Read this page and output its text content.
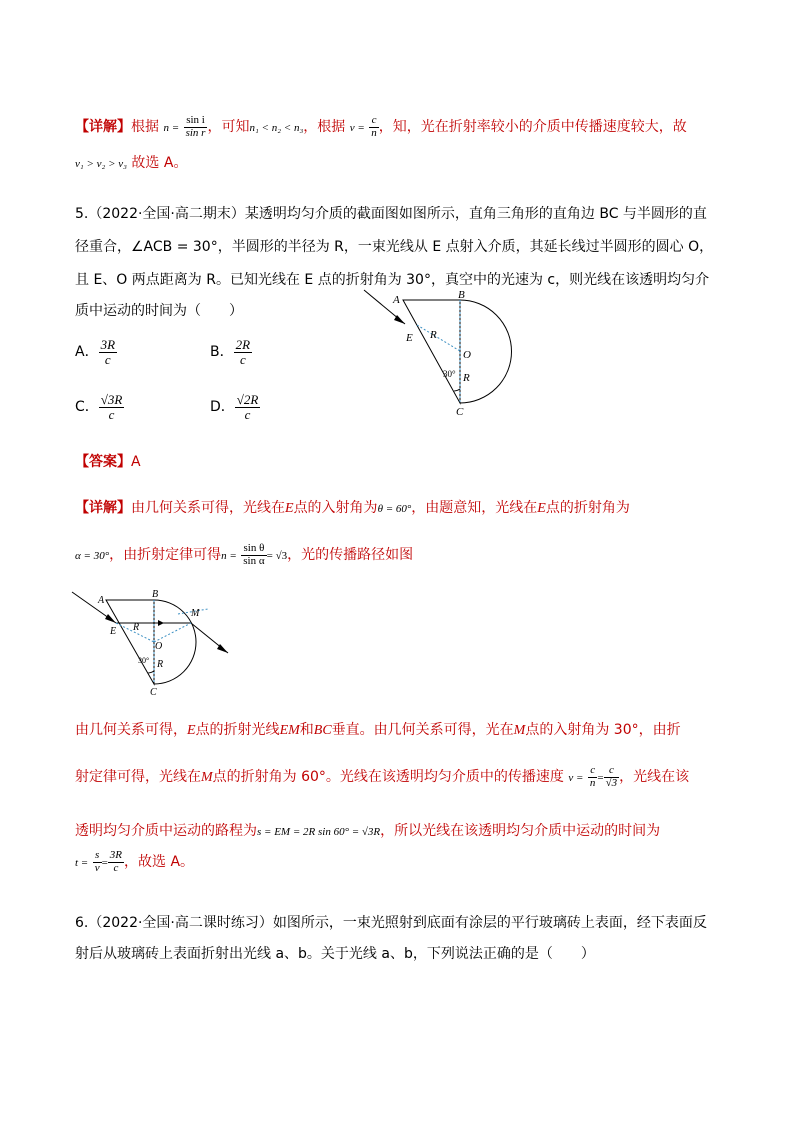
【详解】根据 $n = \frac{\text{sin i}}{\text{sin r}}$ ，可知n₁ < n₂ < n₃，根据 $v = \frac{c}{n}$ ，知，光在折射率较小的介质中传播速度较大，故
v₁ > v₂ > v₃ 故选 A。
5.（2022·全国·高二期末）某透明均匀介质的截面图如图所示，直角三角形的直角边 BC 与半圆形的直
径重合，∠ACB = 30°，半圆形的半径为 R，一束光线从 E 点射入介质，其延长线过半圆形的圆心 O，
且 E、O 两点距离为 R。已知光线在 E 点的折射角为 30°，真空中的光速为 c，则光线在该透明均匀介
质中运动的时间为（　　）
A． $\frac{3R}{c}$	B． $\frac{2R}{c}$
C． $\frac{√3R}{c}$	D． $\frac{√2R}{c}$
A	B
E R
O
30° R
C
【答案】A
【详解】由几何关系可得，光线在E点的入射角为θ = 60°，由题意知，光线在E点的折射角为
α = 30°，由折射定律可得$n = \frac{\text{sin θ}}{\text{sin α}} = √3$，光的传播路径如图
A
B
M
E R
O
30° R
C
由几何关系可得，E点的折射光线EM和BC垂直。由几何关系可得，光在M点的入射角为 30°，由折
射定律可得，光线在M点的折射角为 60°。光线在该透明均匀介质中的传播速度 $v = \frac{c}{n} = \frac{c}{√3}$ ，光线在该
透明均匀介质中运动的路程为s = EM = 2R sin 60° = √3R，所以光线在该透明均匀介质中运动的时间为
$t = \frac{s}{v} = \frac{3R}{c}$ ，故选 A。
6.（2022·全国·高二课时练习）如图所示，一束光照射到底面有涂层的平行玻璃砖上表面，经下表面反
射后从玻璃砖上表面折射出光线 a、b。关于光线 a、b，下列说法正确的是（　　）
